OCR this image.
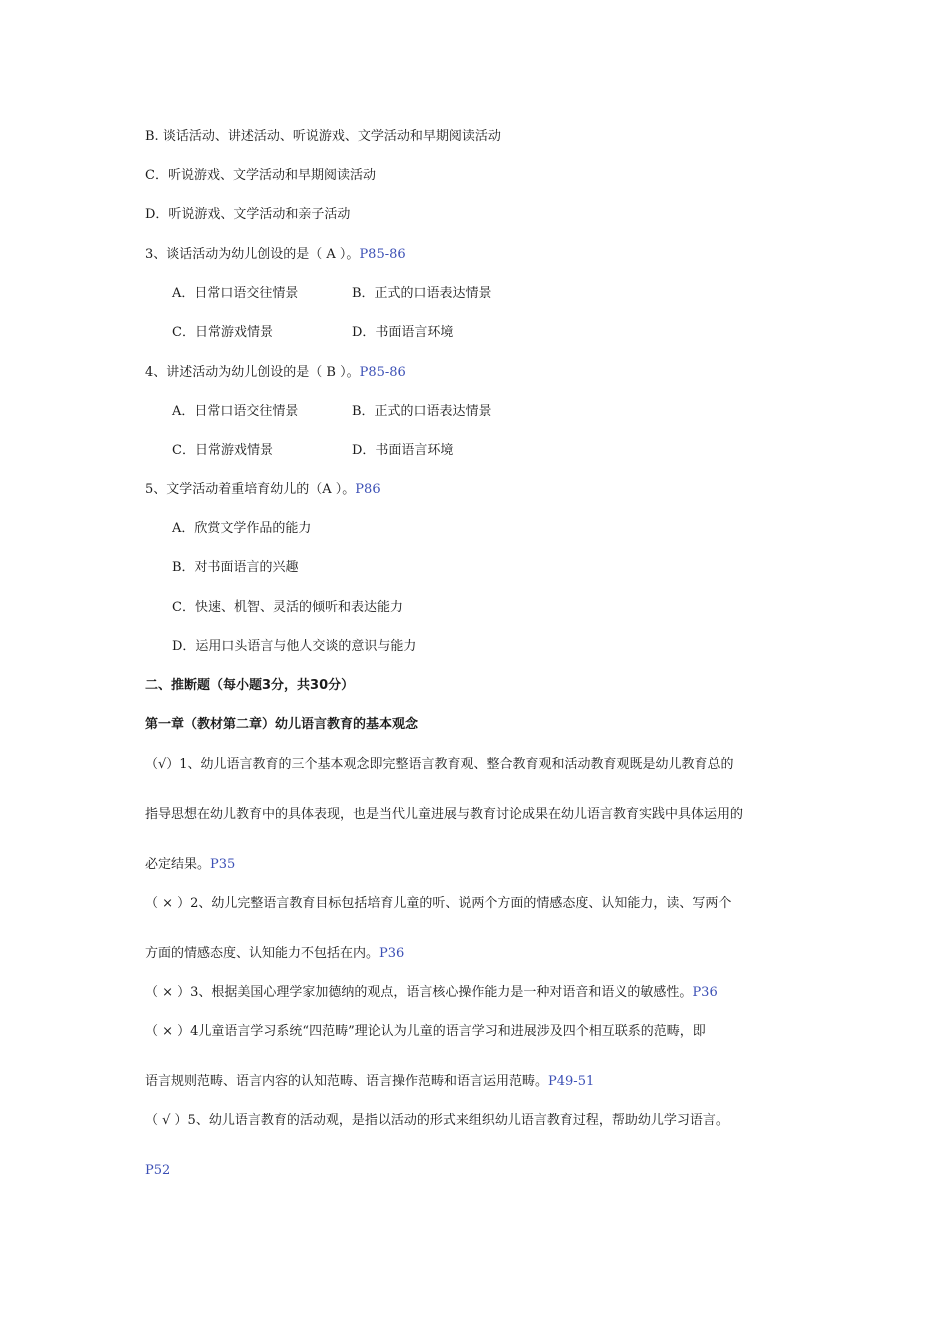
B. 谈话活动、讲述活动、听说游戏、文学活动和早期阅读活动
C．听说游戏、文学活动和早期阅读活动
D．听说游戏、文学活动和亲子活动
3、谈话活动为幼儿创设的是（ A ）。P85-86
A．日常口语交往情景	B．正式的口语表达情景
C．日常游戏情景	D．书面语言环境
4、讲述活动为幼儿创设的是（ B ）。P85-86
A．日常口语交往情景	B．正式的口语表达情景
C．日常游戏情景	D．书面语言环境
5、文学活动着重培育幼儿的（A ）。P86
A．欣赏文学作品的能力
B．对书面语言的兴趣
C．快速、机智、灵活的倾听和表达能力
D．运用口头语言与他人交谈的意识与能力
二、推断题（每小题3分，共30分）
第一章（教材第二章）幼儿语言教育的基本观念
（√）1、幼儿语言教育的三个基本观念即完整语言教育观、整合教育观和活动教育观既是幼儿教育总的
指导思想在幼儿教育中的具体表现，也是当代儿童进展与教育讨论成果在幼儿语言教育实践中具体运用的
必定结果。P35
（ × ）2、幼儿完整语言教育目标包括培育儿童的听、说两个方面的情感态度、认知能力，读、写两个
方面的情感态度、认知能力不包括在内。P36
（ × ）3、根据美国心理学家加德纳的观点，语言核心操作能力是一种对语音和语义的敏感性。P36
（ × ）4儿童语言学习系统“四范畴”理论认为儿童的语言学习和进展涉及四个相互联系的范畴，即
语言规则范畴、语言内容的认知范畴、语言操作范畴和语言运用范畴。P49-51
（ √ ）5、幼儿语言教育的活动观，是指以活动的形式来组织幼儿语言教育过程，帮助幼儿学习语言。
P52
